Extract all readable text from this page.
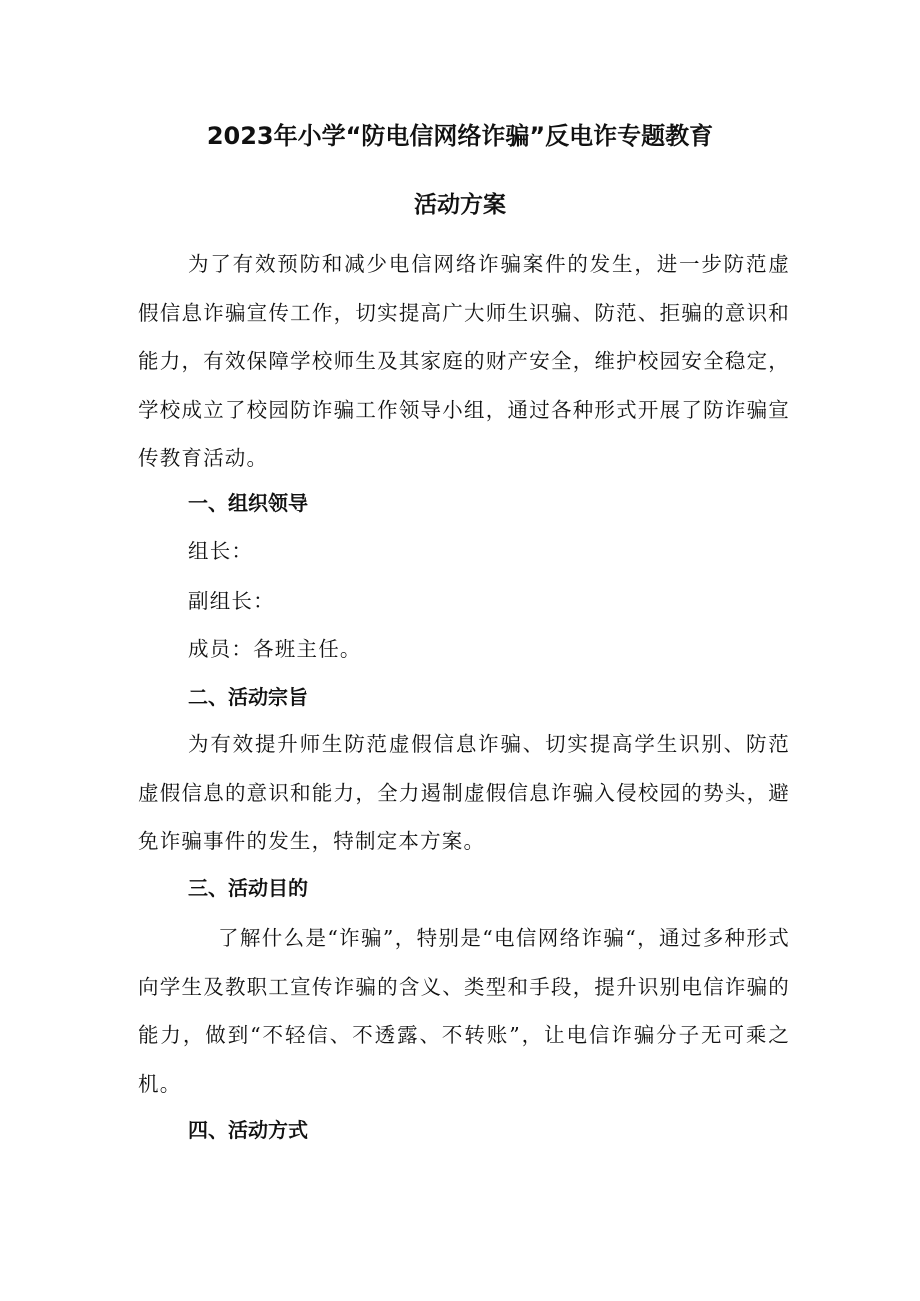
2023年小学“防电信网络诈骗”反电诈专题教育
活动方案

为了有效预防和减少电信网络诈骗案件的发生，进一步防范虚假信息诈骗宣传工作，切实提高广大师生识骗、防范、拒骗的意识和能力，有效保障学校师生及其家庭的财产安全，维护校园安全稳定，学校成立了校园防诈骗工作领导小组，通过各种形式开展了防诈骗宣传教育活动。

一、组织领导

组长：

副组长：

成员：各班主任。

二、活动宗旨

为有效提升师生防范虚假信息诈骗、切实提高学生识别、防范虚假信息的意识和能力，全力遏制虚假信息诈骗入侵校园的势头，避免诈骗事件的发生，特制定本方案。

三、活动目的

了解什么是“诈骗”，特别是“电信网络诈骗“，通过多种形式向学生及教职工宣传诈骗的含义、类型和手段，提升识别电信诈骗的能力，做到“不轻信、不透露、不转账”，让电信诈骗分子无可乘之机。

四、活动方式
